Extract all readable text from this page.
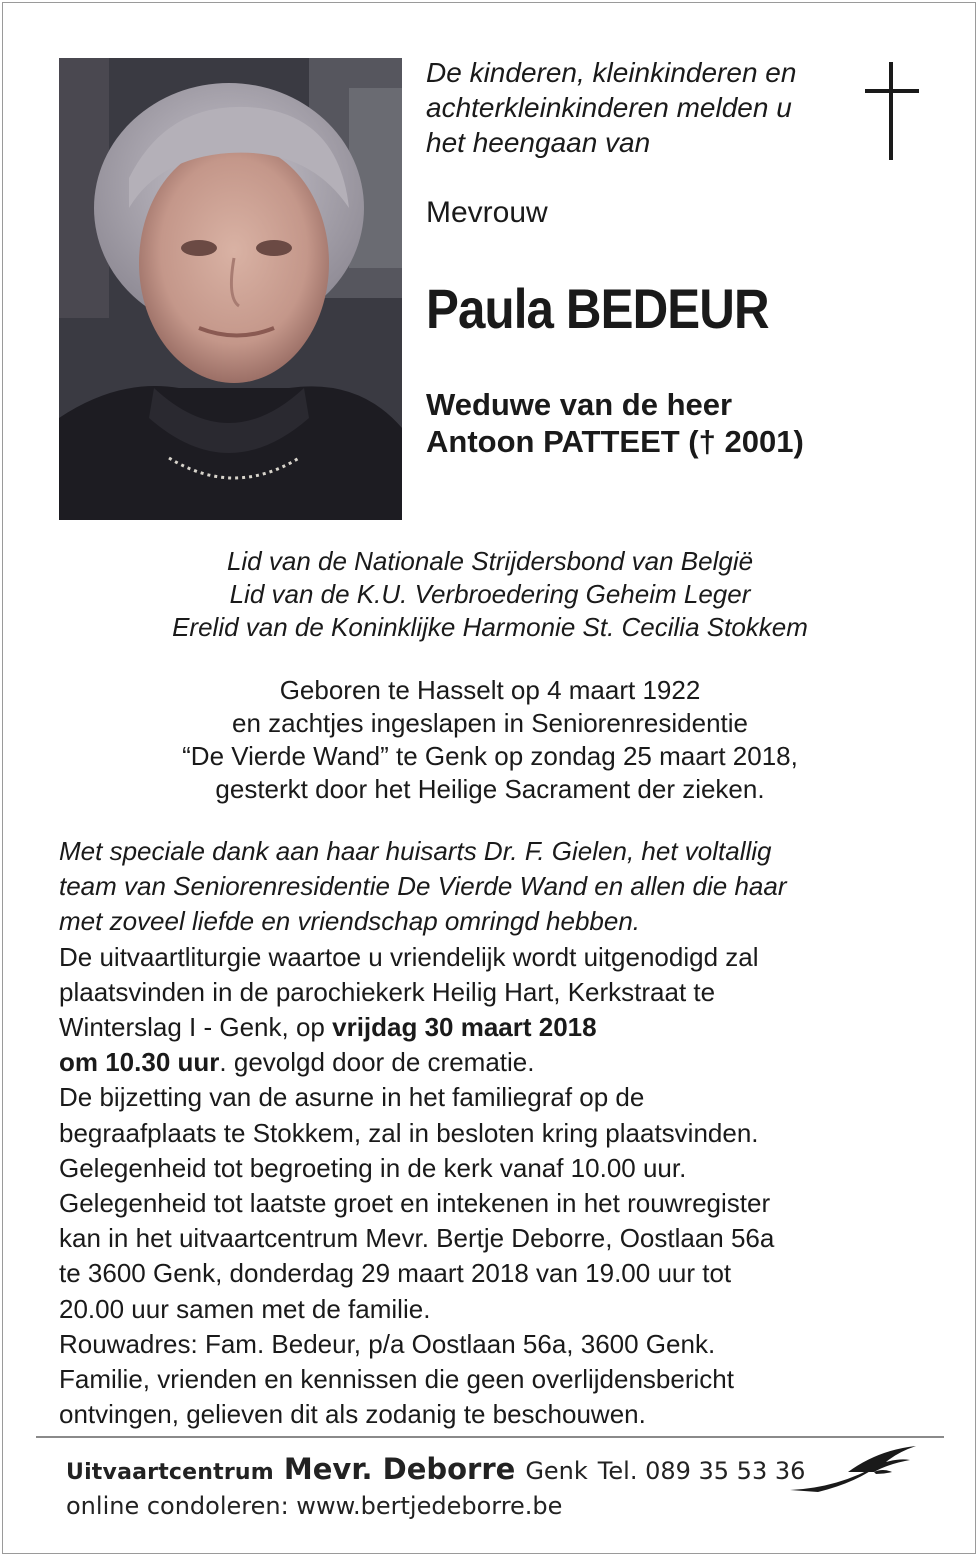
De kinderen, kleinkinderen en
achterkleinkinderen melden u
het heengaan van
Mevrouw
Paula BEDEUR
Weduwe van de heer
Antoon PATTEET († 2001)
Lid van de Nationale Strijdersbond van België
Lid van de K.U. Verbroedering Geheim Leger
Erelid van de Koninklijke Harmonie St. Cecilia Stokkem
Geboren te Hasselt op 4 maart 1922
en zachtjes ingeslapen in Seniorenresidentie
“De Vierde Wand” te Genk op zondag 25 maart 2018,
gesterkt door het Heilige Sacrament der zieken.

Met speciale dank aan haar huisarts Dr. F. Gielen, het voltallig

team van Seniorenresidentie De Vierde Wand en allen die haar

met zoveel liefde en vriendschap omringd hebben.

De uitvaartliturgie waartoe u vriendelijk wordt uitgenodigd zal

plaatsvinden in de parochiekerk Heilig Hart, Kerkstraat te

Winterslag I - Genk, op vrijdag 30 maart 2018

om 10.30 uur. gevolgd door de crematie.

De bijzetting van de asurne in het familiegraf op de

begraafplaats te Stokkem, zal in besloten kring plaatsvinden.

Gelegenheid tot begroeting in de kerk vanaf 10.00 uur.

Gelegenheid tot laatste groet en intekenen in het rouwregister

kan in het uitvaartcentrum Mevr. Bertje Deborre, Oostlaan 56a

te 3600 Genk, donderdag 29 maart 2018 van 19.00 uur tot

20.00 uur samen met de familie.

Rouwadres: Fam. Bedeur, p/a Oostlaan 56a, 3600 Genk.

Familie, vrienden en kennissen die geen overlijdensbericht

ontvingen, gelieven dit als zodanig te beschouwen.

Uitvaartcentrum Mevr. Deborre Genk Tel. 089 35 53 36
online condoleren: www.bertjedeborre.be
